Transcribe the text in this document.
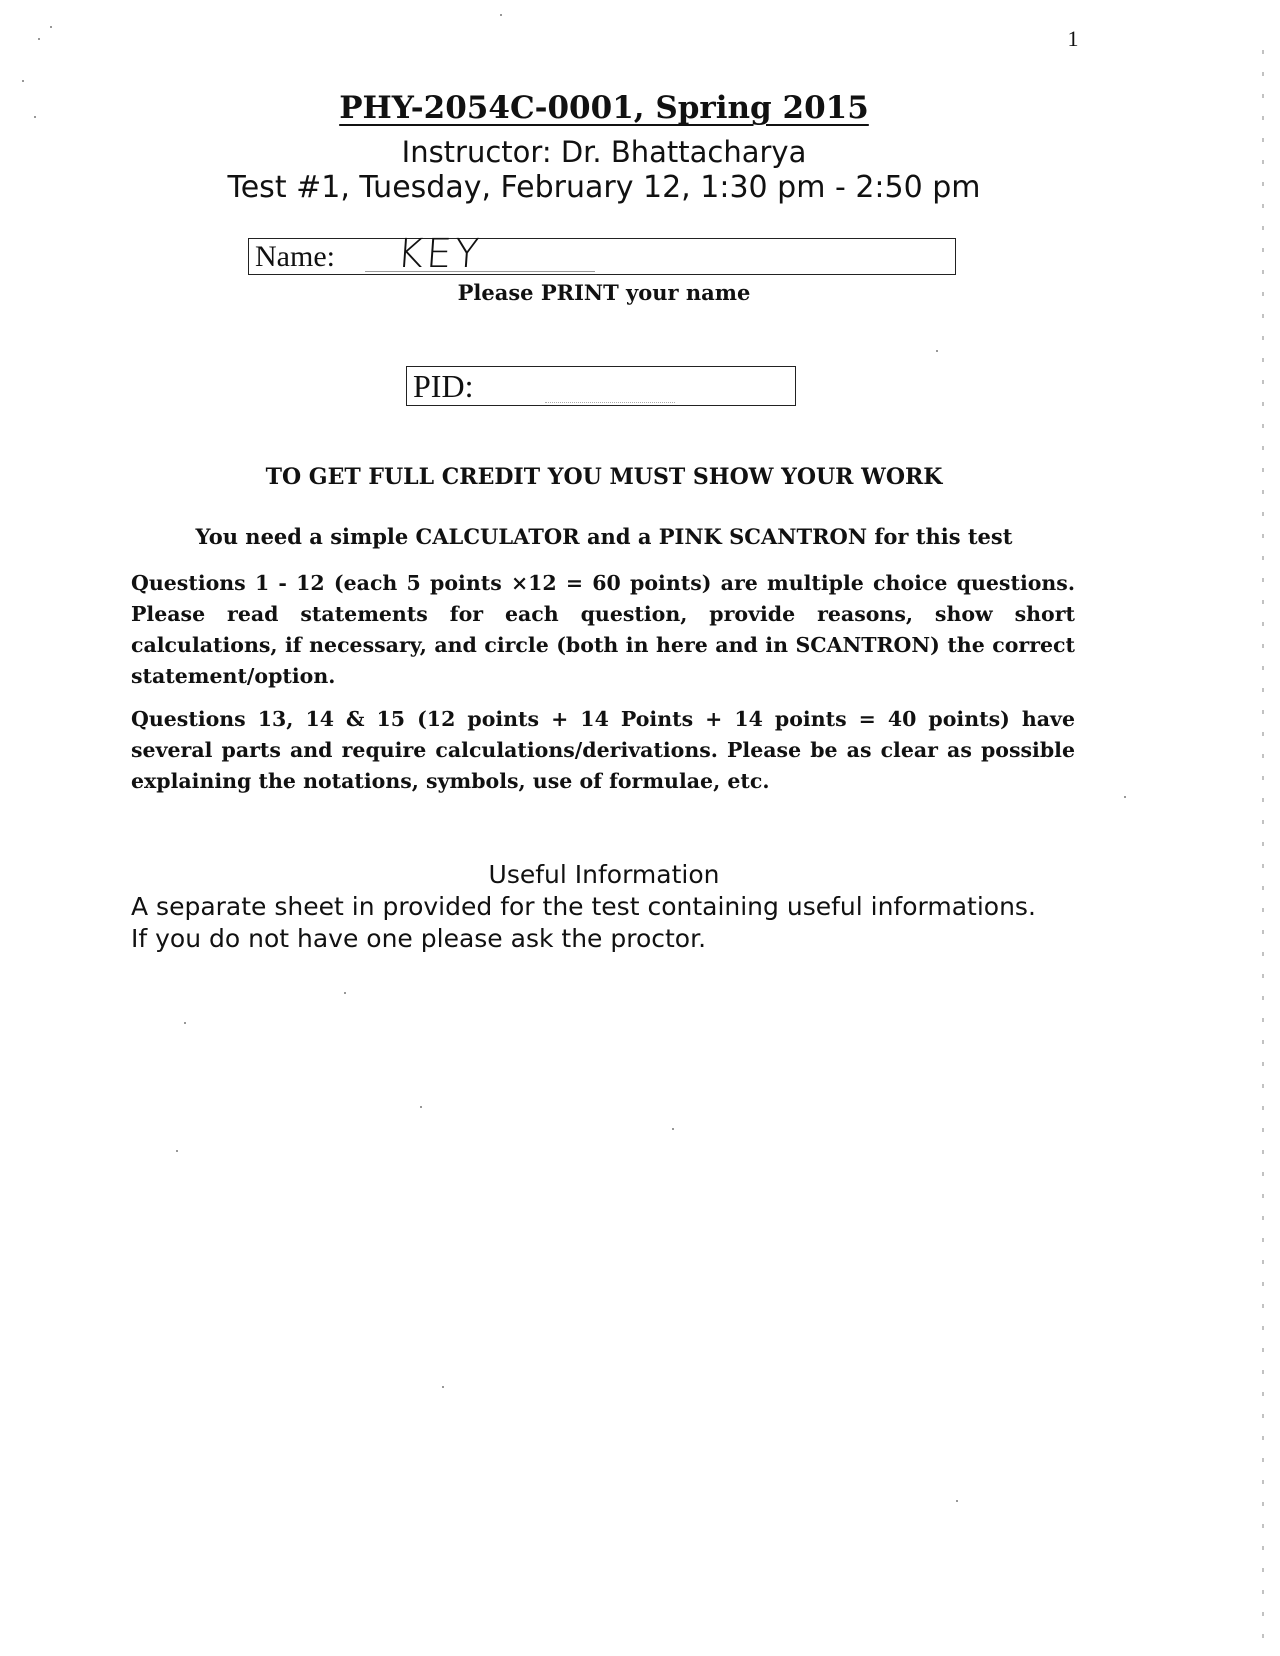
1
PHY-2054C-0001, Spring 2015
Instructor: Dr. Bhattacharya
Test #1, Tuesday, February 12, 1:30 pm - 2:50 pm
Name: KEY
Please PRINT your name
PID:
TO GET FULL CREDIT YOU MUST SHOW YOUR WORK
You need a simple CALCULATOR and a PINK SCANTRON for this test
Questions 1 - 12 (each 5 points ×12 = 60 points) are multiple choice questions. Please read statements for each question, provide reasons, show short calculations, if necessary, and circle (both in here and in SCANTRON) the correct statement/option.
Questions 13, 14 & 15 (12 points + 14 Points + 14 points = 40 points) have several parts and require calculations/derivations. Please be as clear as possible explaining the notations, symbols, use of formulae, etc.
Useful Information
A separate sheet in provided for the test containing useful informations.
If you do not have one please ask the proctor.
